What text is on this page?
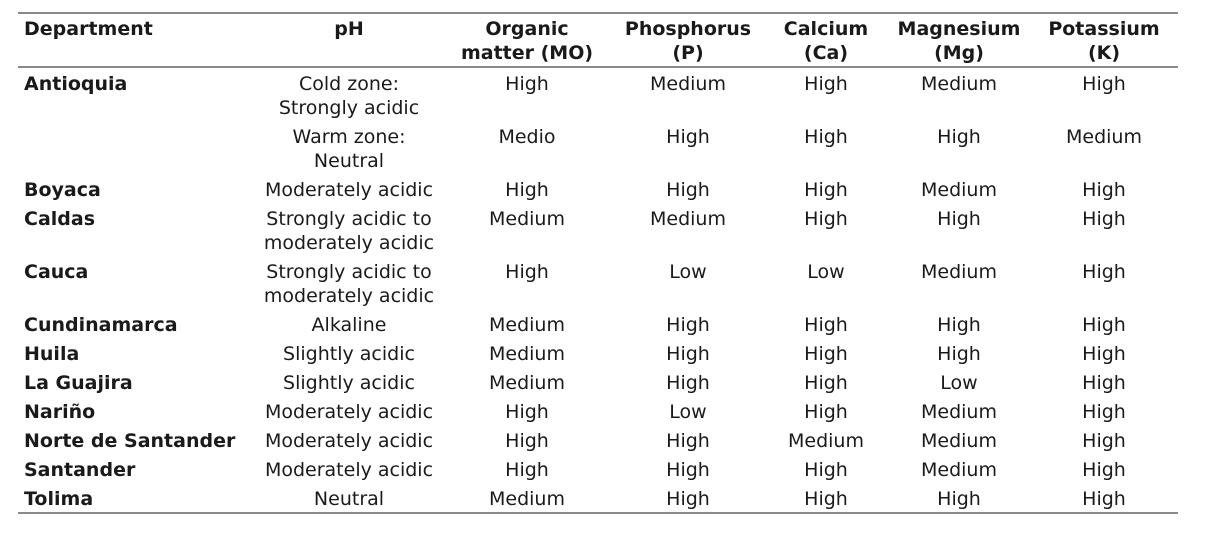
Department	pH	Organic matter (MO)	Phosphorus (P)	Calcium (Ca)	Magnesium (Mg)	Potassium (K)
Antioquia	Cold zone: Strongly acidic	High	Medium	High	Medium	High
	Warm zone: Neutral	Medio	High	High	High	Medium
Boyaca	Moderately acidic	High	High	High	Medium	High
Caldas	Strongly acidic to moderately acidic	Medium	Medium	High	High	High
Cauca	Strongly acidic to moderately acidic	High	Low	Low	Medium	High
Cundinamarca	Alkaline	Medium	High	High	High	High
Huila	Slightly acidic	Medium	High	High	High	High
La Guajira	Slightly acidic	Medium	High	High	Low	High
Nariño	Moderately acidic	High	Low	High	Medium	High
Norte de Santander	Moderately acidic	High	High	Medium	Medium	High
Santander	Moderately acidic	High	High	High	Medium	High
Tolima	Neutral	Medium	High	High	High	High
